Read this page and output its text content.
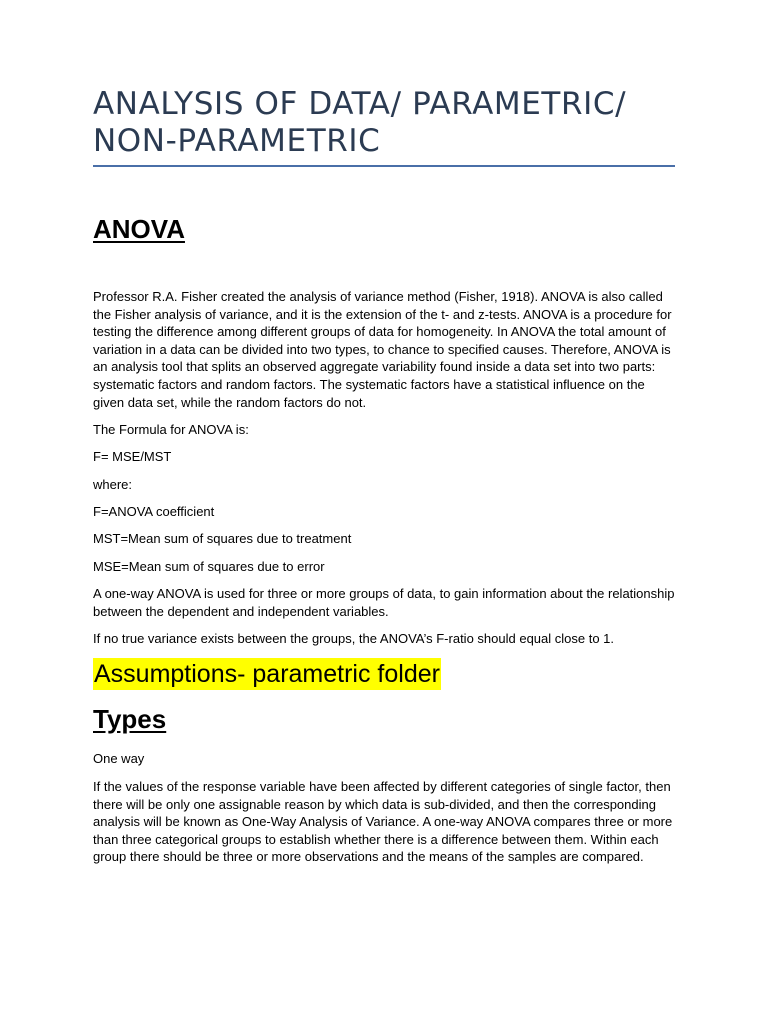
ANALYSIS OF DATA/ PARAMETRIC/ NON-PARAMETRIC
ANOVA

Professor R.A. Fisher created the analysis of variance method (Fisher, 1918). ANOVA is also called the Fisher analysis of variance, and it is the extension of the t- and z-tests. ANOVA is a procedure for testing the difference among different groups of data for homogeneity. In ANOVA the total amount of variation in a data can be divided into two types, to chance to specified causes. Therefore, ANOVA is an analysis tool that splits an observed aggregate variability found inside a data set into two parts: systematic factors and random factors. The systematic factors have a statistical influence on the given data set, while the random factors do not.

The Formula for ANOVA is:

F= MSE/MST

where:

F=ANOVA coefficient

MST=Mean sum of squares due to treatment

MSE=Mean sum of squares due to error

A one-way ANOVA is used for three or more groups of data, to gain information about the relationship between the dependent and independent variables.

If no true variance exists between the groups, the ANOVA’s F-ratio should equal close to 1.

Assumptions- parametric folder
Types

One way

If the values of the response variable have been affected by different categories of single factor, then there will be only one assignable reason by which data is sub-divided, and then the corresponding analysis will be known as One-Way Analysis of Variance. A one-way ANOVA compares three or more than three categorical groups to establish whether there is a difference between them. Within each group there should be three or more observations and the means of the samples are compared.
